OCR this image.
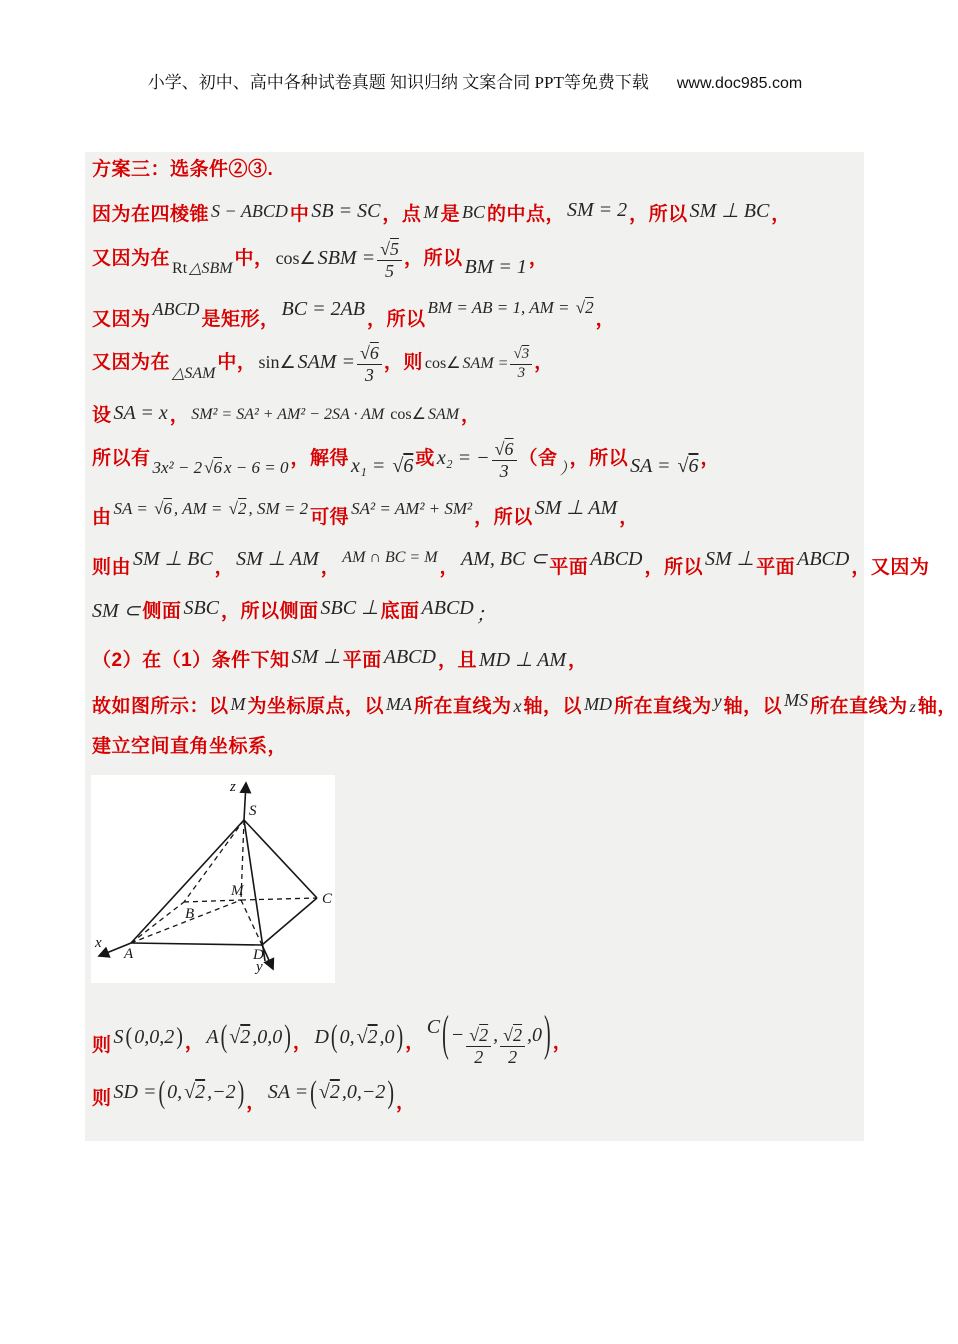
小学、初中、高中各种试卷真题 知识归纳 文案合同 PPT等免费下载 www.doc985.com
方案三：选条件②③.
因为在四棱锥 S − ABCD 中 SB = SC ，点 M 是 BC 的中点， SM = 2 ，所以 SM ⊥ BC ，
又因为在 Rt △SBM 中， cos∠ SBM = $\frac{√5}{5}$ ，所以 BM = 1 ，
又因为 ABCD 是矩形， BC = 2AB ，所以BM = AB = 1, AM = √2，
又因为在△SAM中， sin∠ SAM = $\frac{√6}{3}$ ，则 cos∠ SAM = $\frac{√3}{3}$ ，
设 SA = x ， SM² = SA² + AM² − 2SA · AM cos∠ SAM ，
所以有 3x² − 2 √6 x − 6 = 0 ，解得 x₁ = √6 或 x₂ = − $\frac{√6}{3}$ （舍），所以 SA = √6 ，
由 SA = √6 , AM = √2 , SM = 2 可得 SA² = AM² + SM² ，所以 SM ⊥ AM ，
则由 SM ⊥ BC ， SM ⊥ AM ， AM ∩ BC = M ， AM, BC ⊂ 平面 ABCD ，所以 SM ⊥ 平面 ABCD ，又因为
SM ⊂ 侧面 SBC ，所以侧面 SBC ⊥ 底面 ABCD ；
（2）在（1）条件下知 SM ⊥ 平面 ABCD ，且 MD ⊥ AM ，
故如图所示：以 M 为坐标原点，以 MA 所在直线为 x 轴，以 MD 所在直线为 y 轴，以 MS 所在直线为 z 轴，
建立空间直角坐标系，
z
S
M
B
C
A	D
x
y
则 S ( 0,0,2 ) ， A ( √2 ,0,0 ) ， D ( 0, √2 ,0 ) ，C ( − $\frac{√2}{2}$ , $\frac{√2}{2} ,0$ ) ，
则 SD = ( 0, √2 ,−2 ) ， SA = ( √2 ,0,−2 ) ，
